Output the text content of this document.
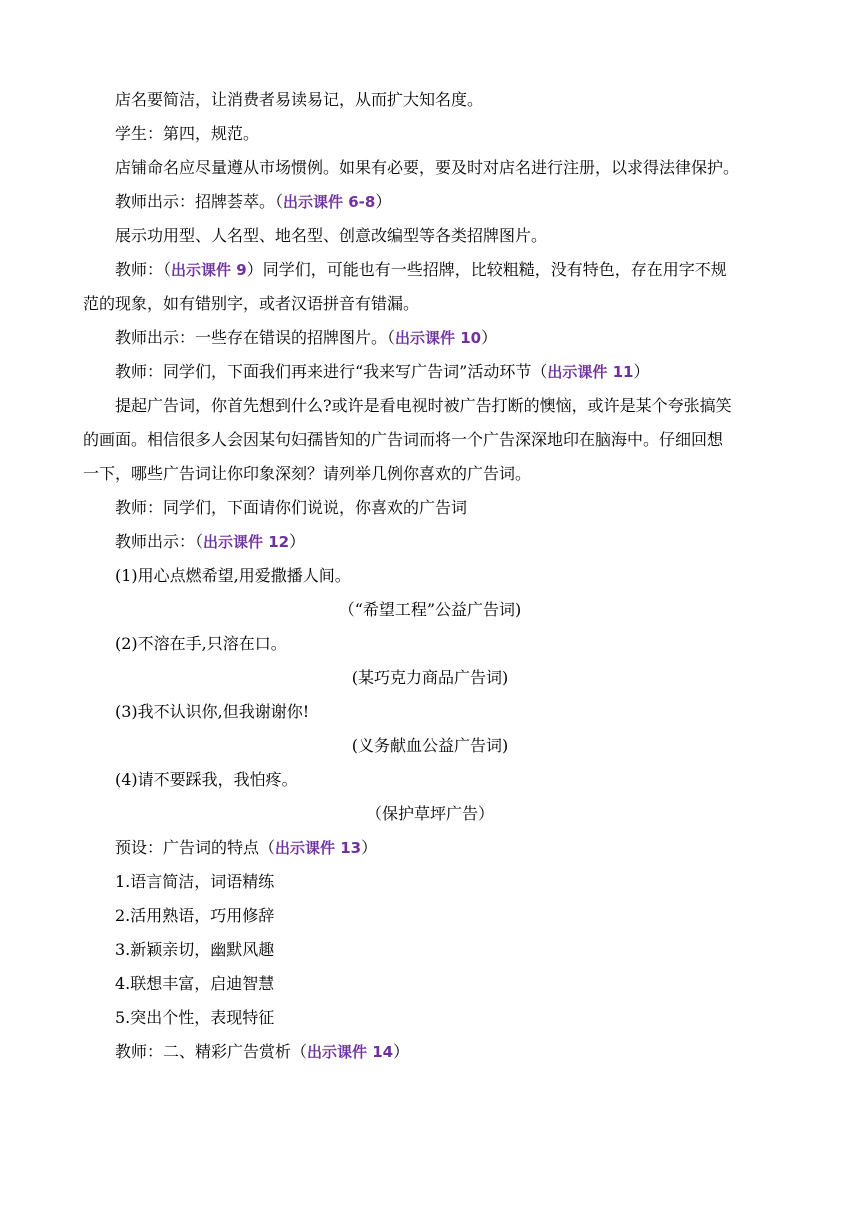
店名要简洁，让消费者易读易记，从而扩大知名度。
学生：第四，规范。
店铺命名应尽量遵从市场惯例。如果有必要，要及时对店名进行注册，以求得法律保护。
教师出示：招牌荟萃。（出示课件 6-8）
展示功用型、人名型、地名型、创意改编型等各类招牌图片。
教师：（出示课件 9）同学们，可能也有一些招牌，比较粗糙，没有特色，存在用字不规
范的现象，如有错别字，或者汉语拼音有错漏。
教师出示：一些存在错误的招牌图片。（出示课件 10）
教师：同学们，下面我们再来进行“我来写广告词”活动环节（出示课件 11）
提起广告词，你首先想到什么?或许是看电视时被广告打断的懊恼，或许是某个夸张搞笑
的画面。相信很多人会因某句妇孺皆知的广告词而将一个广告深深地印在脑海中。仔细回想
一下，哪些广告词让你印象深刻？请列举几例你喜欢的广告词。
教师：同学们，下面请你们说说，你喜欢的广告词
教师出示：（出示课件 12）
(1)用心点燃希望,用爱撒播人间。
（“希望工程”公益广告词)
(2)不溶在手,只溶在口。
(某巧克力商品广告词)
(3)我不认识你,但我谢谢你!
(义务献血公益广告词)
(4)请不要踩我，我怕疼。
（保护草坪广告）
预设：广告词的特点（出示课件 13）
1.语言简洁，词语精练
2.活用熟语，巧用修辞
3.新颖亲切，幽默风趣
4.联想丰富，启迪智慧
5.突出个性，表现特征
教师：二、精彩广告赏析（出示课件 14）
